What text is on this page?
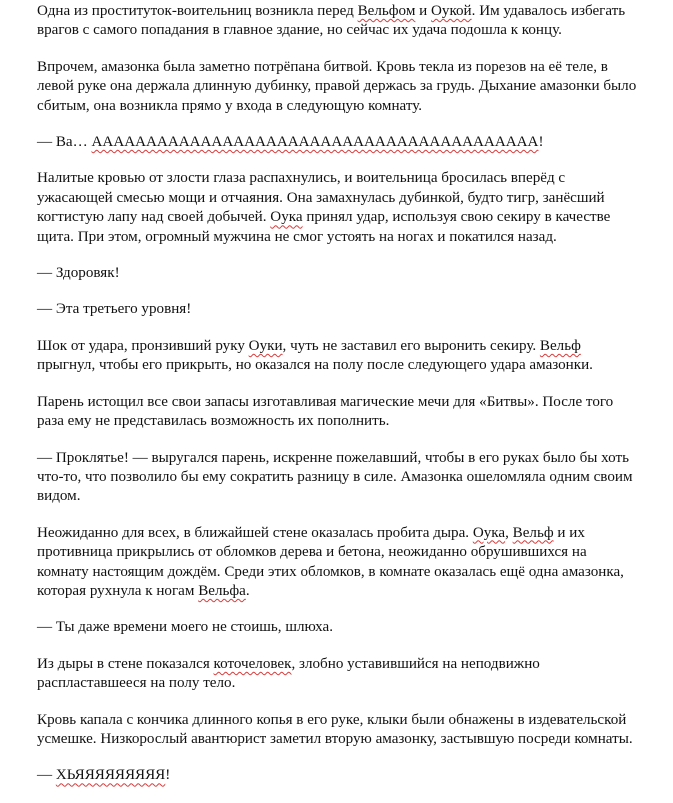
Одна из проституток-воительниц возникла перед Вельфом и Oукой. Им удавалось избегать врагов с самого попадания в главное здание, но сейчас их удача подошла к концу.

Впрочем, амазонка была заметно потрёпана битвой. Кровь текла из порезов на её теле, в левой руке она держала длинную дубинку, правой держась за грудь. Дыхание амазонки было сбитым, она возникла прямо у входа в следующую комнату.

— Ва… ААААААААААААААААААААААААААААААААААААААААА!

Налитые кровью от злости глаза распахнулись, и воительница бросилась вперёд с ужасающей смесью мощи и отчаяния. Она замахнулась дубинкой, будто тигр, занёсший когтистую лапу над своей добычей. Оука принял удар, используя свою секиру в качестве щита. При этом, огромный мужчина не смог устоять на ногах и покатился назад.

— Здоровяк!

— Эта третьего уровня!

Шок от удара, пронзивший руку Оуки, чуть не заставил его выронить секиру. Вельф прыгнул, чтобы его прикрыть, но оказался на полу после следующего удара амазонки.

Парень истощил все свои запасы изготавливая магические мечи для «Битвы». После того раза ему не представилась возможность их пополнить.

— Проклятье! — выругался парень, искренне пожелавший, чтобы в его руках было бы хоть что-то, что позволило бы ему сократить разницу в силе. Амазонка ошеломляла одним своим видом.

Неожиданно для всех, в ближайшей стене оказалась пробита дыра. Оука, Вельф и их противница прикрылись от обломков дерева и бетона, неожиданно обрушившихся на комнату настоящим дождём. Среди этих обломков, в комнате оказалась ещё одна амазонка, которая рухнула к ногам Вельфа.

— Ты даже времени моего не стоишь, шлюха.

Из дыры в стене показался коточеловек, злобно уставившийся на неподвижно распластавшееся на полу тело.

Кровь капала с кончика длинного копья в его руке, клыки были обнажены в издевательской усмешке. Низкорослый авантюрист заметил вторую амазонку, застывшую посреди комнаты.

— ХЬЯЯЯЯЯЯЯЯЯ!
